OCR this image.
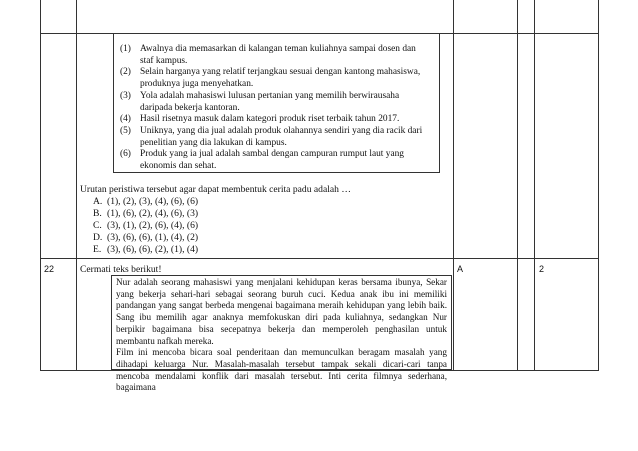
(1) Awalnya dia memasarkan di kalangan teman kuliahnya sampai dosen dan staf kampus.
(2) Selain harganya yang relatif terjangkau sesuai dengan kantong mahasiswa, produknya juga menyehatkan.
(3) Yola adalah mahasiswi lulusan pertanian yang memilih berwirausaha daripada bekerja kantoran.
(4) Hasil risetnya masuk dalam kategori produk riset terbaik tahun 2017.
(5) Uniknya, yang dia jual adalah produk olahannya sendiri yang dia racik dari penelitian yang dia lakukan di kampus.
(6) Produk yang ia jual adalah sambal dengan campuran rumput laut yang ekonomis dan sehat.
Urutan peristiwa tersebut agar dapat membentuk cerita padu adalah …
A. (1), (2), (3), (4), (6), (6)
B. (1), (6), (2), (4), (6), (3)
C. (3), (1), (2), (6), (4), (6)
D. (3), (6), (6), (1), (4), (2)
E. (3), (6), (6), (2), (1), (4)
22	Cermati teks berikut!	A	2

Nur adalah seorang mahasiswi yang menjalani kehidupan keras bersama ibunya, Sekar yang bekerja sehari-hari sebagai seorang buruh cuci. Kedua anak ibu ini memiliki pandangan yang sangat berbeda mengenai bagaimana meraih kehidupan yang lebih baik. Sang ibu memilih agar anaknya memfokuskan diri pada kuliahnya, sedangkan Nur berpikir bagaimana bisa secepatnya bekerja dan memperoleh penghasilan untuk membantu nafkah mereka.

Film ini mencoba bicara soal penderitaan dan memunculkan beragam masalah yang dihadapi keluarga Nur. Masalah-masalah tersebut tampak sekali dicari-cari tanpa mencoba mendalami konflik dari masalah tersebut. Inti cerita filmnya sederhana, bagaimana
